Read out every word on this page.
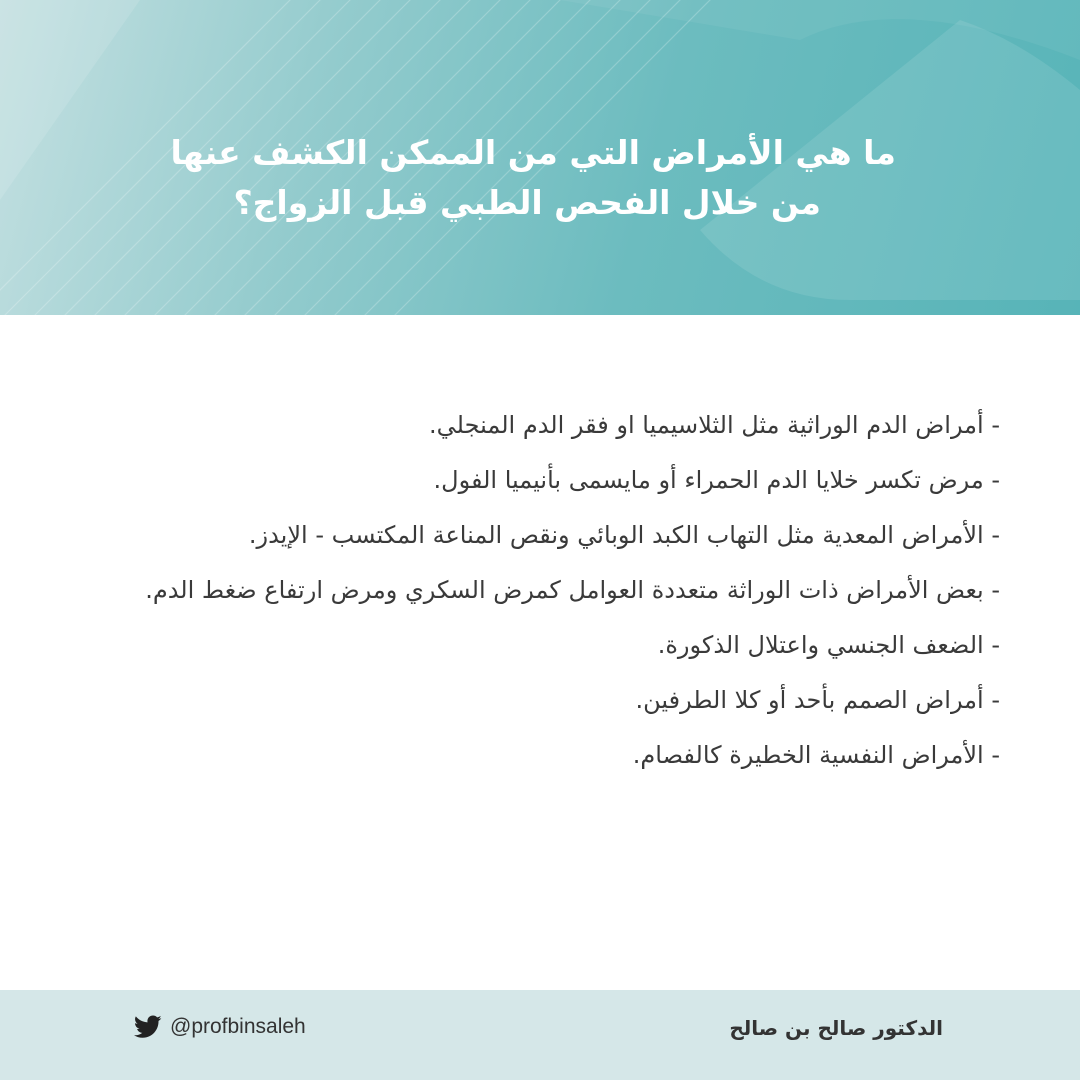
ما هي الأمراض التي من الممكن الكشف عنها
من خلال الفحص الطبي قبل الزواج؟
- أمراض الدم الوراثية مثل الثلاسيميا او فقر الدم المنجلي.
- مرض تكسر خلايا الدم الحمراء أو مايسمى بأنيميا الفول.
- الأمراض المعدية مثل التهاب الكبد الوبائي ونقص المناعة المكتسب - الإيدز.
- بعض الأمراض ذات الوراثة متعددة العوامل كمرض السكري ومرض ارتفاع ضغط الدم.
- الضعف الجنسي واعتلال الذكورة.
- أمراض الصمم بأحد أو كلا الطرفين.
- الأمراض النفسية الخطيرة كالفصام.
@profbinsaleh	الدكتور صالح بن صالح
